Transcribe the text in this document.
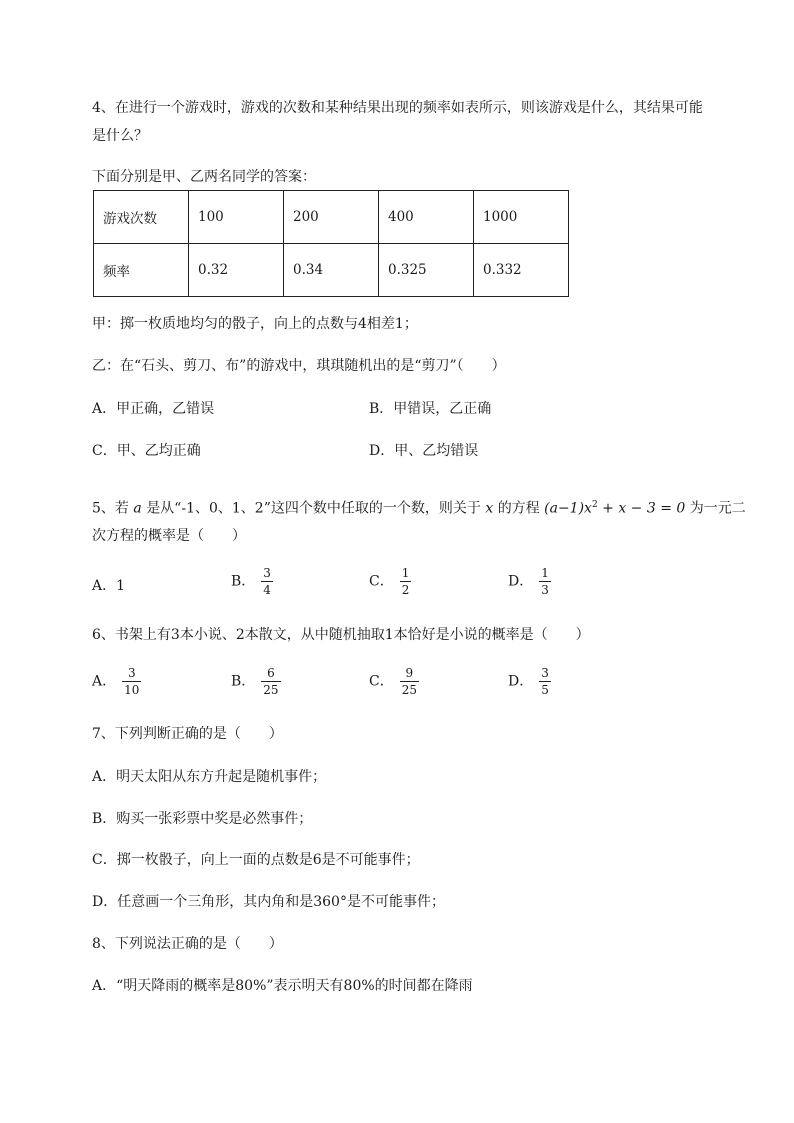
4、在进行一个游戏时，游戏的次数和某种结果出现的频率如表所示，则该游戏是什么，其结果可能
是什么？
下面分别是甲、乙两名同学的答案：
游戏次数	100	200	400	1000
频率	0.32	0.34	0.325	0.332
甲：掷一枚质地均匀的骰子，向上的点数与4相差1；
乙：在“石头、剪刀、布”的游戏中，琪琪随机出的是“剪刀”（　　）
A．甲正确，乙错误	B．甲错误，乙正确
C．甲、乙均正确	D．甲、乙均错误
5、若 a 是从“-1、0、1、2”这四个数中任取的一个数，则关于 x 的方程 $(a-1)x^2 + x - 3 = 0$ 为一元二
次方程的概率是（　　）
A．1	B． $\frac{3}{4}$	C． $\frac{1}{2}$	D． $\frac{1}{3}$
6、书架上有3本小说、2本散文，从中随机抽取1本恰好是小说的概率是（　　）
A． $\frac{3}{10}$	B． $\frac{6}{25}$	C． $\frac{9}{25}$	D． $\frac{3}{5}$
7、下列判断正确的是（　　）
A．明天太阳从东方升起是随机事件；
B．购买一张彩票中奖是必然事件；
C．掷一枚骰子，向上一面的点数是6是不可能事件；
D．任意画一个三角形，其内角和是360°是不可能事件；
8、下列说法正确的是（　　）
A．“明天降雨的概率是80%”表示明天有80%的时间都在降雨
